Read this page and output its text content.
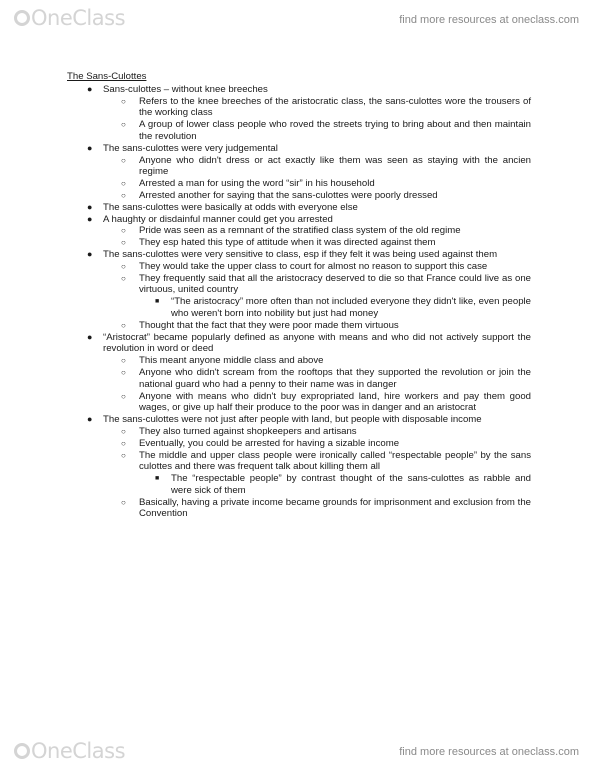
OneClass	find more resources at oneclass.com
The Sans-Culottes
● Sans-culottes – without knee breeches
○ Refers to the knee breeches of the aristocratic class, the sans-culottes wore the trousers of the working class
○ A group of lower class people who roved the streets trying to bring about and then maintain the revolution
● The sans-culottes were very judgemental
○ Anyone who didn't dress or act exactly like them was seen as staying with the ancien regime
○ Arrested a man for using the word “sir” in his household
○ Arrested another for saying that the sans-culottes were poorly dressed
● The sans-culottes were basically at odds with everyone else
● A haughty or disdainful manner could get you arrested
○ Pride was seen as a remnant of the stratified class system of the old regime
○ They esp hated this type of attitude when it was directed against them
● The sans-culottes were very sensitive to class, esp if they felt it was being used against them
○ They would take the upper class to court for almost no reason to support this case
○ They frequently said that all the aristocracy deserved to die so that France could live as one virtuous, united country
■ “The aristocracy” more often than not included everyone they didn't like, even people who weren't born into nobility but just had money
○ Thought that the fact that they were poor made them virtuous
● “Aristocrat” became popularly defined as anyone with means and who did not actively support the revolution in word or deed
○ This meant anyone middle class and above
○ Anyone who didn't scream from the rooftops that they supported the revolution or join the national guard who had a penny to their name was in danger
○ Anyone with means who didn't buy expropriated land, hire workers and pay them good wages, or give up half their produce to the poor was in danger and an aristocrat
● The sans-culottes were not just after people with land, but people with disposable income
○ They also turned against shopkeepers and artisans
○ Eventually, you could be arrested for having a sizable income
○ The middle and upper class people were ironically called “respectable people” by the sans culottes and there was frequent talk about killing them all
■ The “respectable people” by contrast thought of the sans-culottes as rabble and were sick of them
○ Basically, having a private income became grounds for imprisonment and exclusion from the Convention
OneClass	find more resources at oneclass.com
